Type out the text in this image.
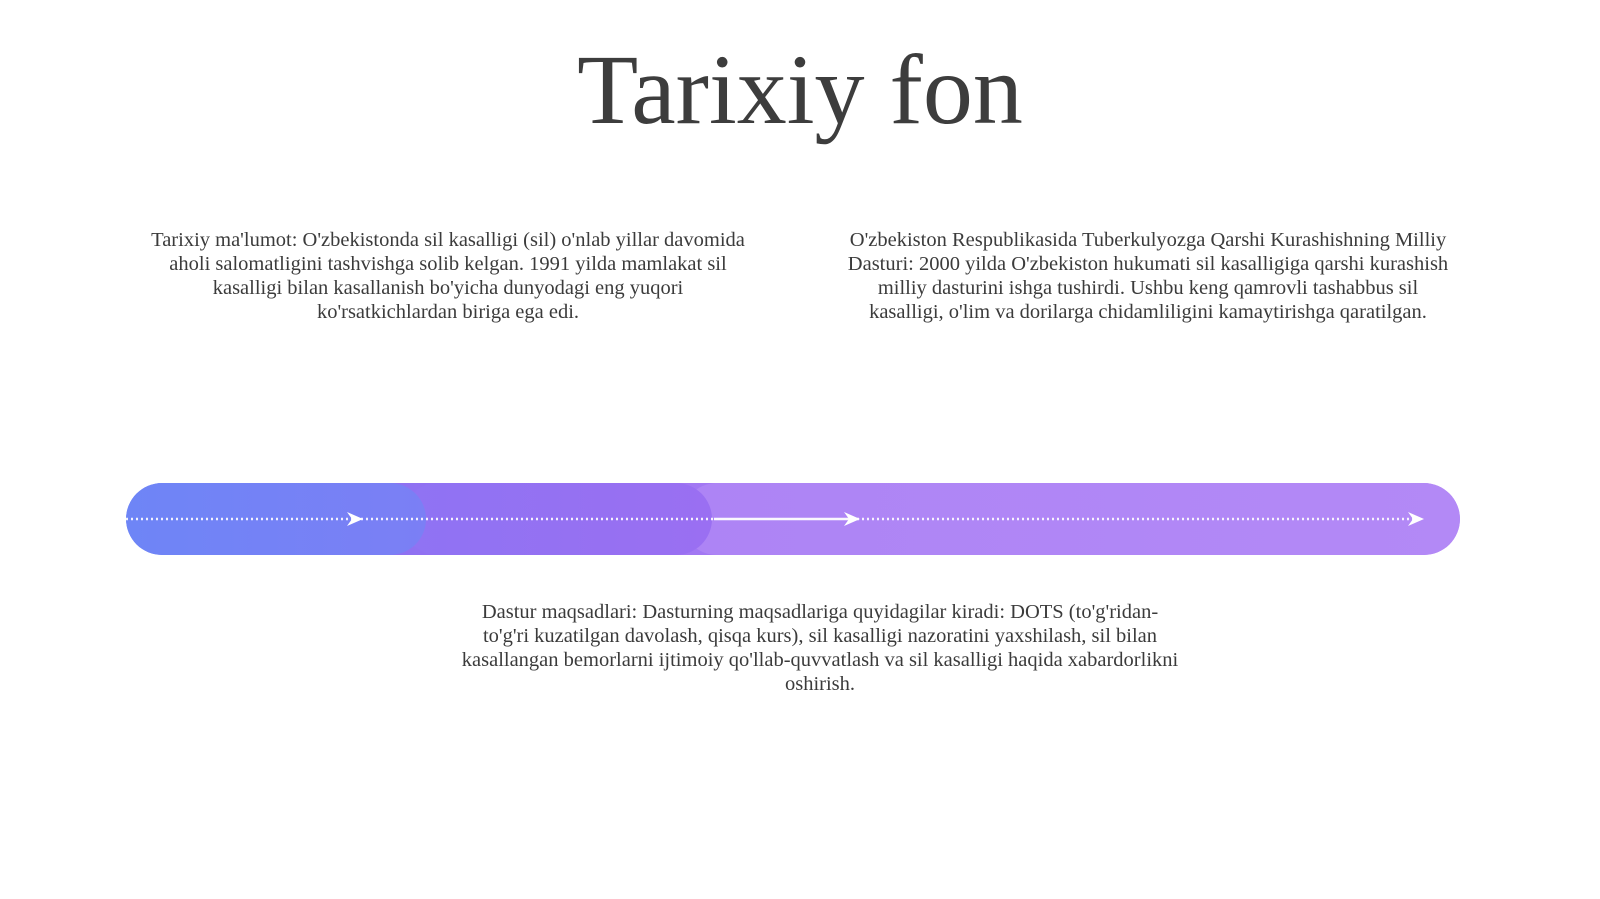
Tarixiy fon

Tarixiy ma'lumot: O'zbekistonda sil kasalligi (sil) o'nlab yillar davomida aholi salomatligini tashvishga solib kelgan. 1991 yilda mamlakat sil kasalligi bilan kasallanish bo'yicha dunyodagi eng yuqori ko'rsatkichlardan biriga ega edi.

O'zbekiston Respublikasida Tuberkulyozga Qarshi Kurashishning Milliy Dasturi: 2000 yilda O'zbekiston hukumati sil kasalligiga qarshi kurashish milliy dasturini ishga tushirdi. Ushbu keng qamrovli tashabbus sil kasalligi, o'lim va dorilarga chidamliligini kamaytirishga qaratilgan.

Dastur maqsadlari: Dasturning maqsadlariga quyidagilar kiradi: DOTS (to'g'ridan-to'g'ri kuzatilgan davolash, qisqa kurs), sil kasalligi nazoratini yaxshilash, sil bilan kasallangan bemorlarni ijtimoiy qo'llab-quvvatlash va sil kasalligi haqida xabardorlikni oshirish.
